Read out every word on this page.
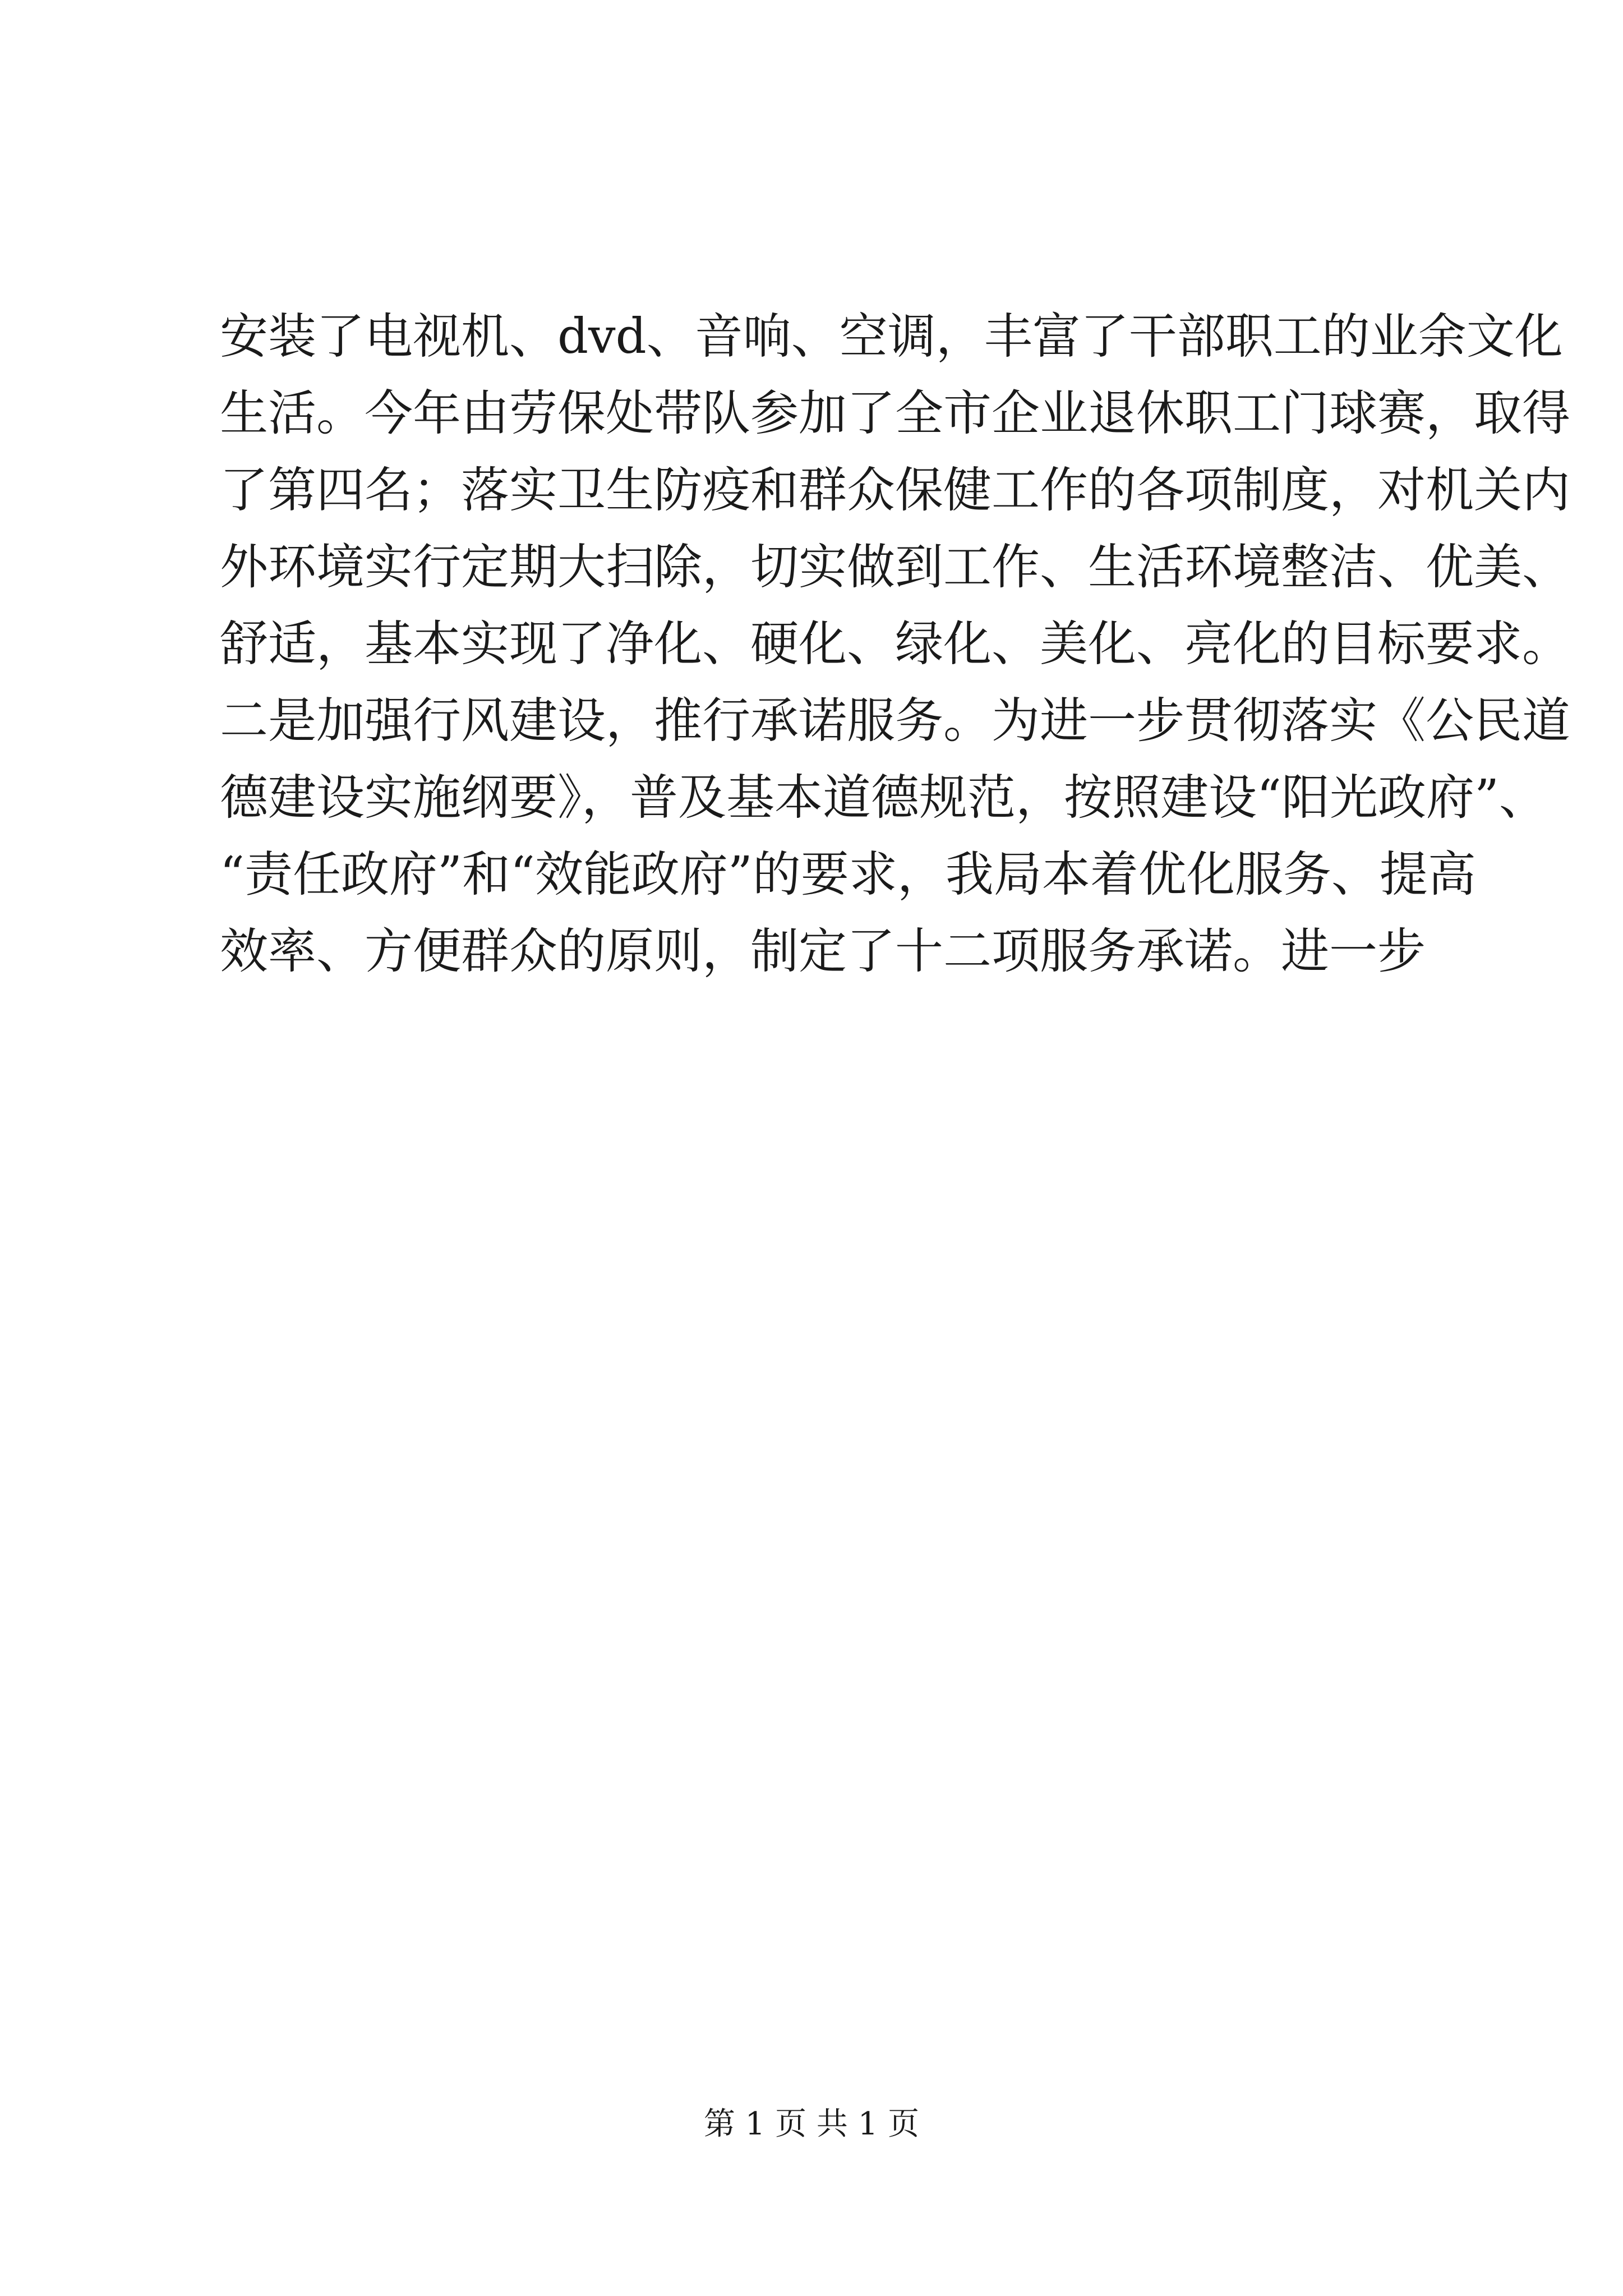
安装了电视机、dvd、音响、空调，丰富了干部职工的业余文化
生活。今年由劳保处带队参加了全市企业退休职工门球赛，取得
了第四名；落实卫生防疫和群众保健工作的各项制度，对机关内
外环境实行定期大扫除，切实做到工作、生活环境整洁、优美、
舒适，基本实现了净化、硬化、绿化、美化、亮化的目标要求。
二是加强行风建设，推行承诺服务。为进一步贯彻落实《公民道
德建设实施纲要》，普及基本道德规范，按照建设“阳光政府”、
“责任政府”和“效能政府”的要求，我局本着优化服务、提高
效率、方便群众的原则，制定了十二项服务承诺。进一步
第 1 页 共 1 页
